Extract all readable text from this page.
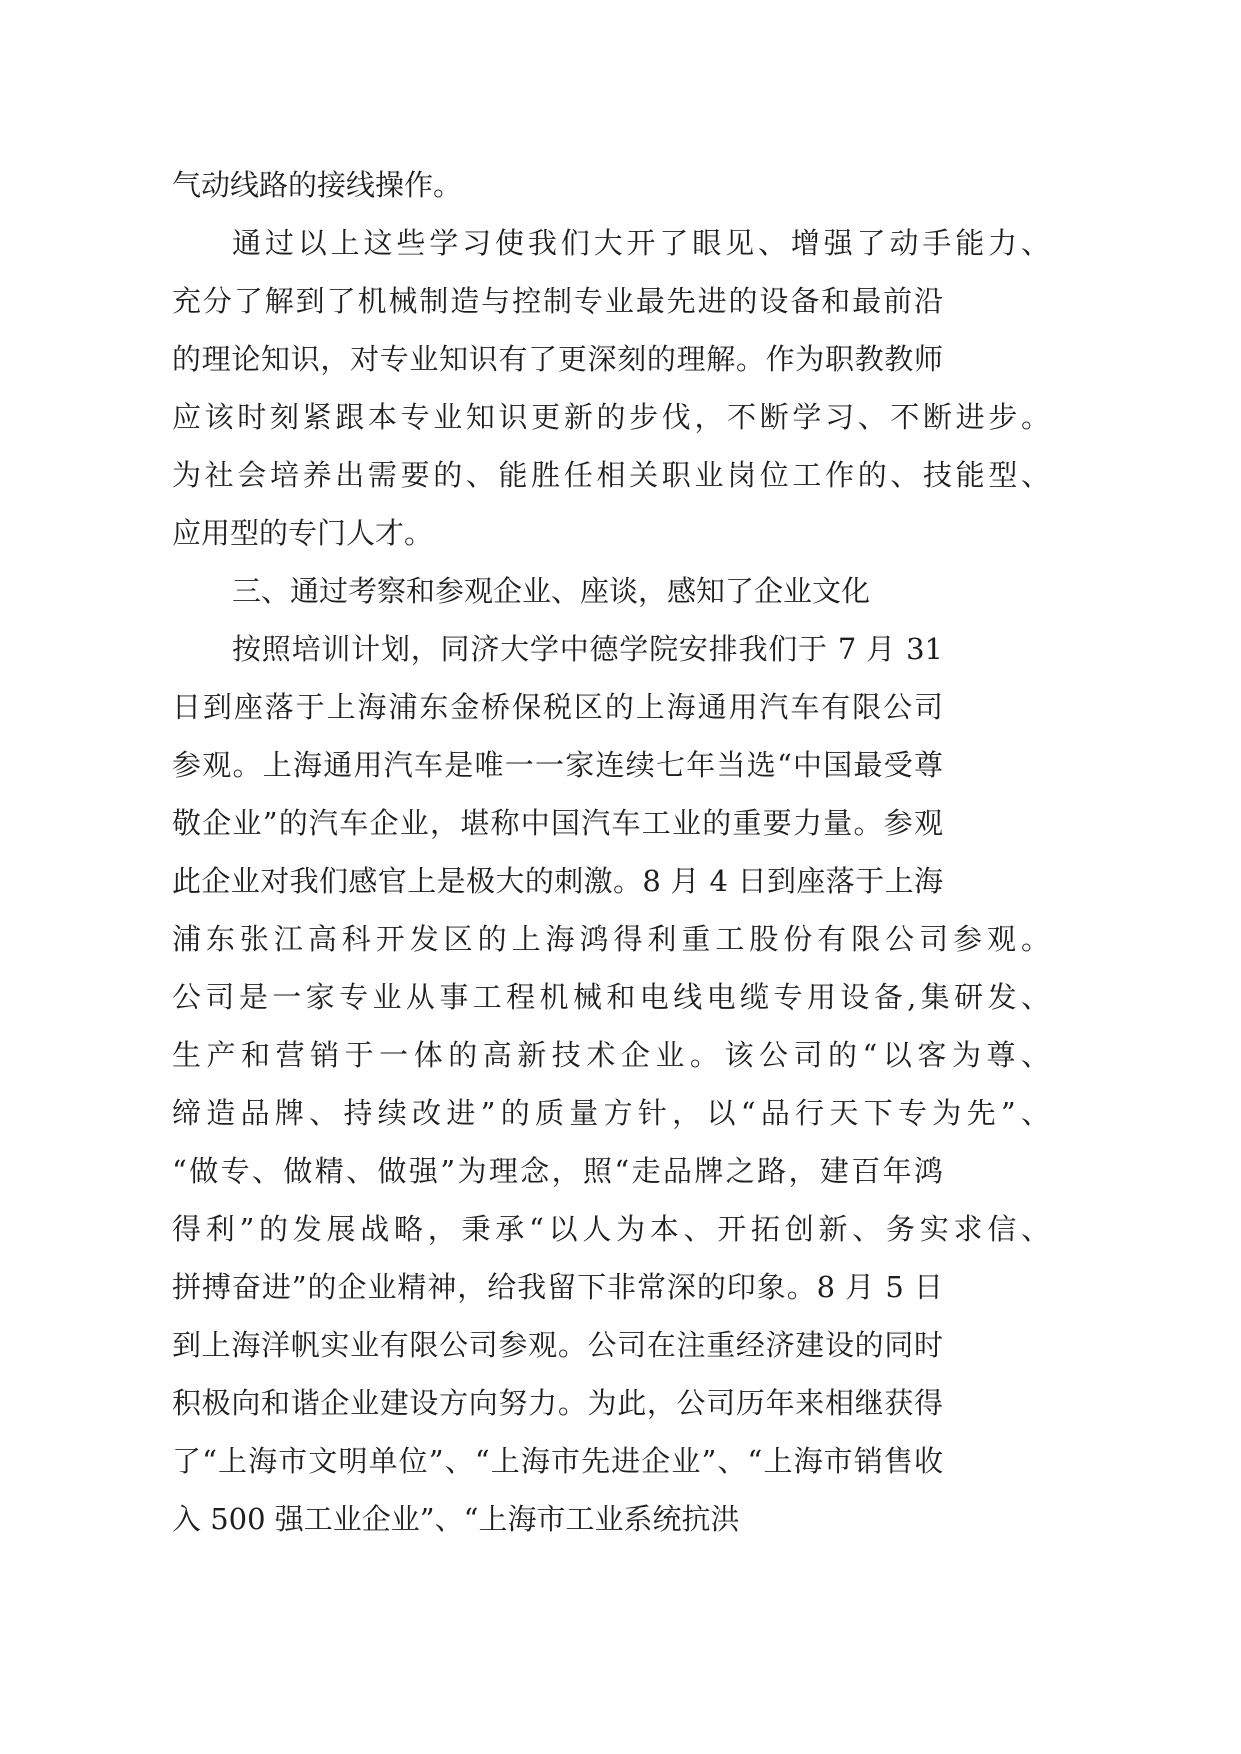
气动线路的接线操作。
通过以上这些学习使我们大开了眼见、增强了动手能力、
充分了解到了机械制造与控制专业最先进的设备和最前沿
的理论知识，对专业知识有了更深刻的理解。作为职教教师
应该时刻紧跟本专业知识更新的步伐，不断学习、不断进步。
为社会培养出需要的、能胜任相关职业岗位工作的、技能型、
应用型的专门人才。
三、通过考察和参观企业、座谈，感知了企业文化
按照培训计划，同济大学中德学院安排我们于 7 月 31
日到座落于上海浦东金桥保税区的上海通用汽车有限公司
参观。上海通用汽车是唯一一家连续七年当选“中国最受尊
敬企业”的汽车企业，堪称中国汽车工业的重要力量。参观
此企业对我们感官上是极大的刺激。8 月 4 日到座落于上海
浦东张江高科开发区的上海鸿得利重工股份有限公司参观。
公司是一家专业从事工程机械和电线电缆专用设备,集研发、
生产和营销于一体的高新技术企业。该公司的“以客为尊、
缔造品牌、持续改进”的质量方针，以“品行天下专为先”、
“做专、做精、做强”为理念，照“走品牌之路，建百年鸿
得利”的发展战略，秉承“以人为本、开拓创新、务实求信、
拼搏奋进”的企业精神，给我留下非常深的印象。8 月 5 日
到上海洋帆实业有限公司参观。公司在注重经济建设的同时
积极向和谐企业建设方向努力。为此，公司历年来相继获得
了“上海市文明单位”、“上海市先进企业”、“上海市销售收
入 500 强工业企业”、“上海市工业系统抗洪
